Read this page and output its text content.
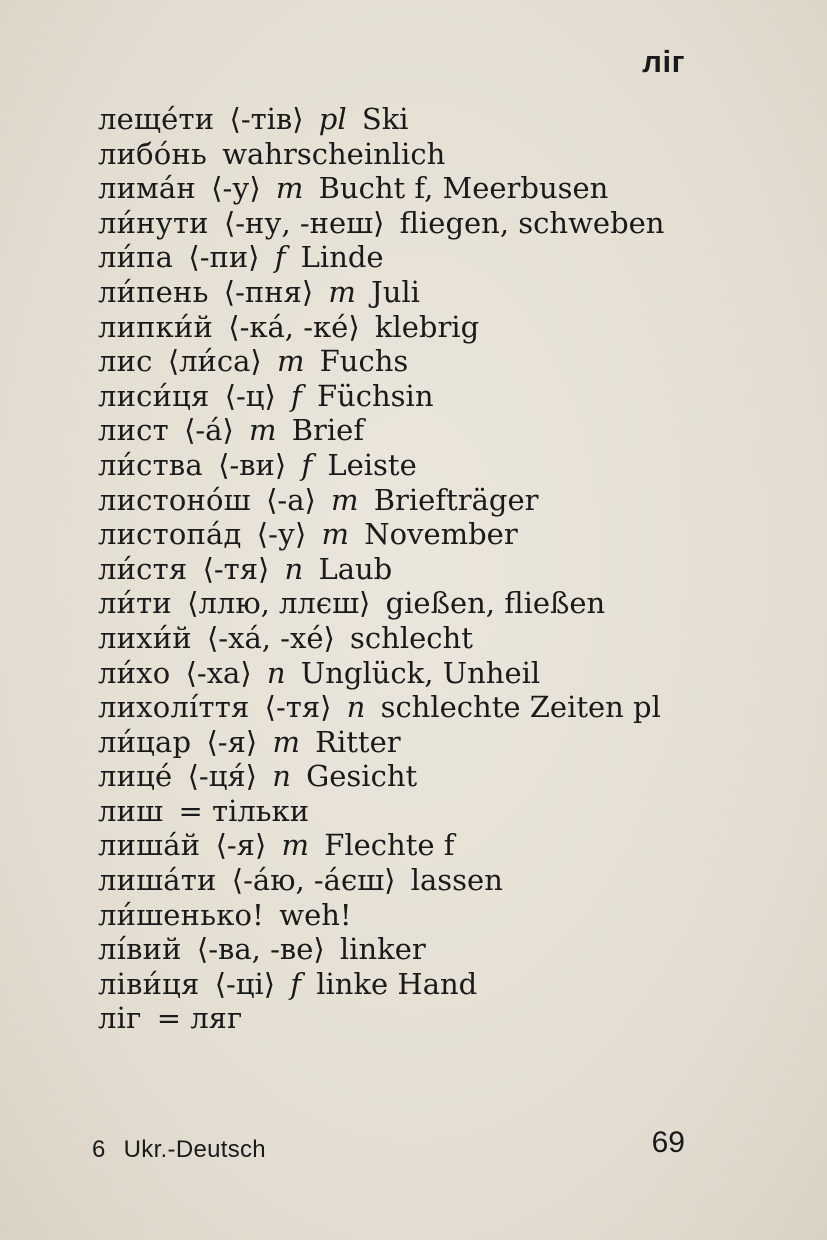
ліг
леще́ти ⟨-тів⟩ pl Ski
либо́нь wahrscheinlich
лима́н ⟨-у⟩ m Bucht f, Meerbusen
ли́нути ⟨-ну, -неш⟩ fliegen, schweben
ли́па ⟨-пи⟩ f Linde
ли́пень ⟨-пня⟩ m Juli
липки́й ⟨-ка́, -ке́⟩ klebrig
лис ⟨ли́са⟩ m Fuchs
лиси́ця ⟨-ц⟩ f Füchsin
лист ⟨-а́⟩ m Brief
ли́ства ⟨-ви⟩ f Leiste
листоно́ш ⟨-а⟩ m Briefträger
листопа́д ⟨-у⟩ m November
ли́стя ⟨-тя⟩ n Laub
ли́ти ⟨ллю, ллєш⟩ gießen, fließen
лихи́й ⟨-ха́, -хе́⟩ schlecht
ли́хо ⟨-ха⟩ n Unglück, Unheil
лихолі́ття ⟨-тя⟩ n schlechte Zeiten pl
ли́цар ⟨-я⟩ m Ritter
лице́ ⟨-ця́⟩ n Gesicht
лиш = тільки
лиша́й ⟨-я⟩ m Flechte f
лиша́ти ⟨-а́ю, -а́єш⟩ lassen
ли́шенько! weh!
лі́вий ⟨-ва, -ве⟩ linker
ліви́ця ⟨-ці⟩ f linke Hand
ліг = ляг
6 Ukr.-Deutsch	69
